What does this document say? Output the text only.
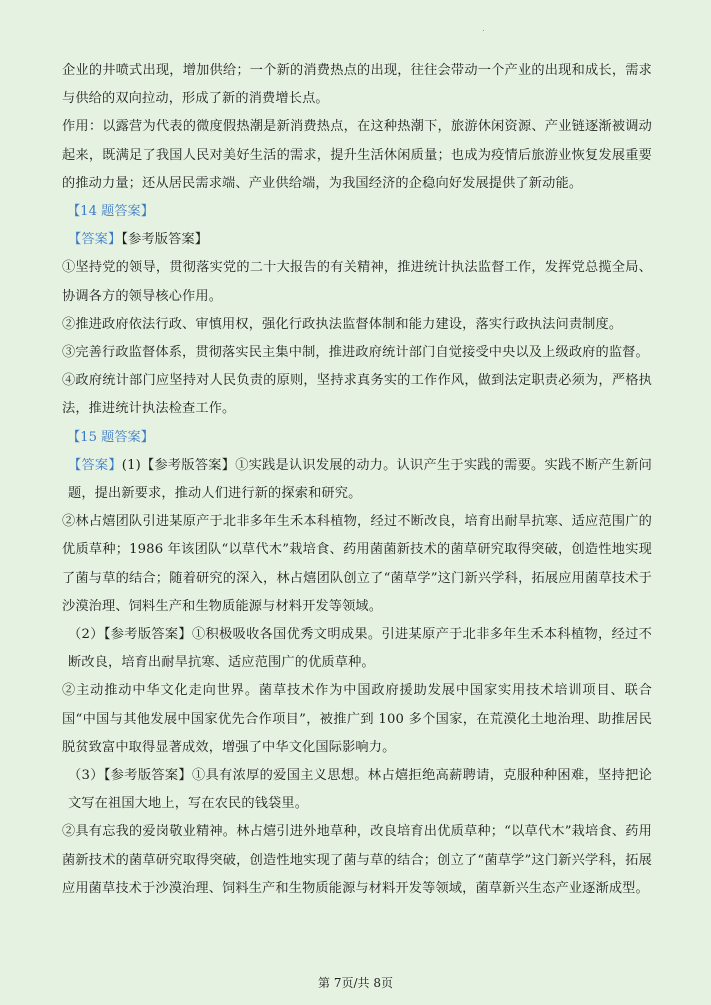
企业的井喷式出现，增加供给；一个新的消费热点的出现，往往会带动一个产业的出现和成长，需求与供给的双向拉动，形成了新的消费增长点。

作用：以露营为代表的微度假热潮是新消费热点，在这种热潮下，旅游休闲资源、产业链逐渐被调动起来，既满足了我国人民对美好生活的需求，提升生活休闲质量；也成为疫情后旅游业恢复发展重要的推动力量；还从居民需求端、产业供给端，为我国经济的企稳向好发展提供了新动能。

【14 题答案】

【答案】【参考版答案】

①坚持党的领导，贯彻落实党的二十大报告的有关精神，推进统计执法监督工作，发挥党总揽全局、协调各方的领导核心作用。

②推进政府依法行政、审慎用权，强化行政执法监督体制和能力建设，落实行政执法问责制度。

③完善行政监督体系，贯彻落实民主集中制，推进政府统计部门自觉接受中央以及上级政府的监督。

④政府统计部门应坚持对人民负责的原则，坚持求真务实的工作作风，做到法定职责必须为，严格执法，推进统计执法检查工作。

【15 题答案】

【答案】(1)【参考版答案】①实践是认识发展的动力。认识产生于实践的需要。实践不断产生新问题，提出新要求，推动人们进行新的探索和研究。

②林占熺团队引进某原产于北非多年生禾本科植物，经过不断改良，培育出耐旱抗寒、适应范围广的优质草种；1986 年该团队“以草代木”栽培食、药用菌菌新技术的菌草研究取得突破，创造性地实现了菌与草的结合；随着研究的深入，林占熺团队创立了“菌草学”这门新兴学科，拓展应用菌草技术于沙漠治理、饲料生产和生物质能源与材料开发等领域。

（2）【参考版答案】①积极吸收各国优秀文明成果。引进某原产于北非多年生禾本科植物，经过不断改良，培育出耐旱抗寒、适应范围广的优质草种。

②主动推动中华文化走向世界。菌草技术作为中国政府援助发展中国家实用技术培训项目、联合国“中国与其他发展中国家优先合作项目”，被推广到 100 多个国家，在荒漠化土地治理、助推居民脱贫致富中取得显著成效，增强了中华文化国际影响力。

（3）【参考版答案】①具有浓厚的爱国主义思想。林占熺拒绝高薪聘请，克服种种困难，坚持把论文写在祖国大地上，写在农民的钱袋里。

②具有忘我的爱岗敬业精神。林占熺引进外地草种，改良培育出优质草种；“以草代木”栽培食、药用菌新技术的菌草研究取得突破，创造性地实现了菌与草的结合；创立了“菌草学”这门新兴学科，拓展应用菌草技术于沙漠治理、饲料生产和生物质能源与材料开发等领域，菌草新兴生态产业逐渐成型。

第 7页/共 8页
